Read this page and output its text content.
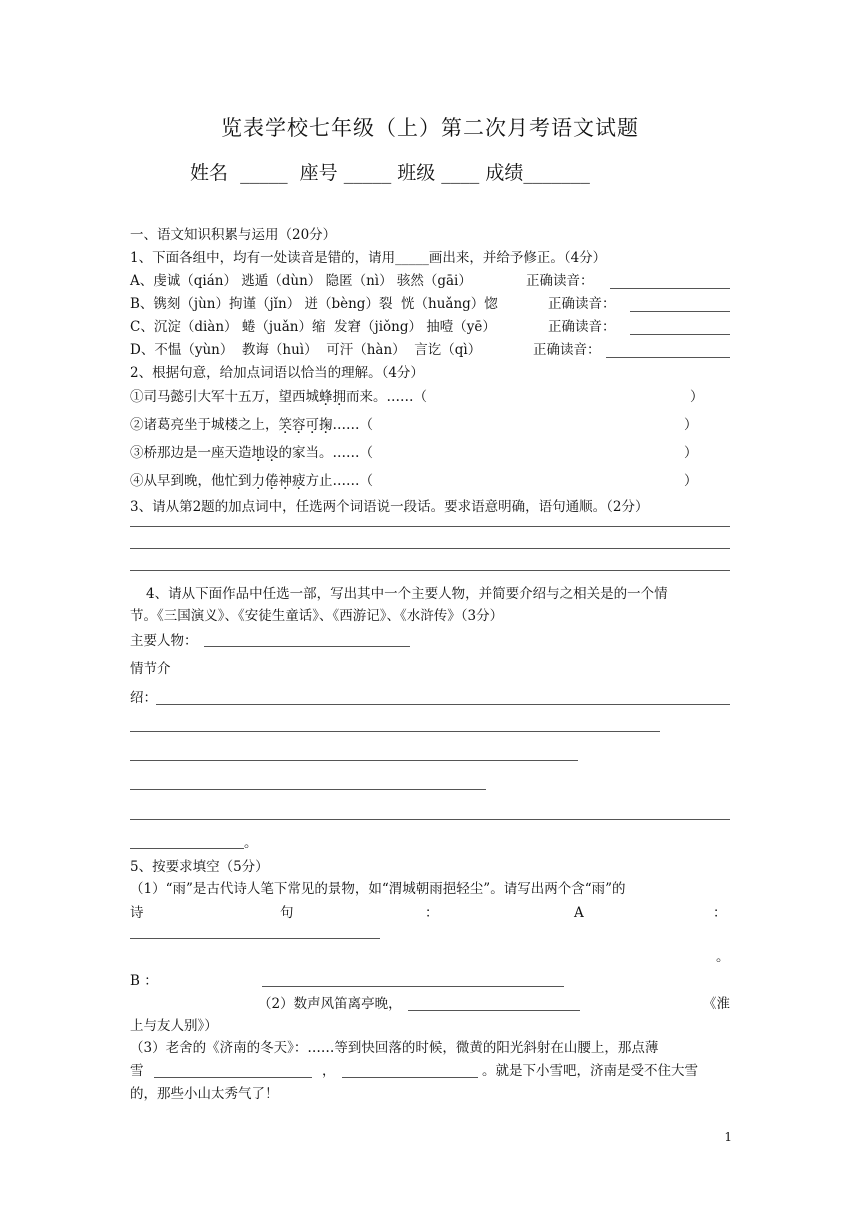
览表学校七年级（上）第二次月考语文试题
姓名  _____  座号 _____ 班级 ____ 成绩_______
一、语文知识积累与运用（20分）
1、下面各组中，均有一处读音是错的，请用_____画出来，并给予修正。（4分）
A、虔诚（qián） 逃遁（dùn） 隐匿（nì） 骇然（gāi）	正确读音：
B、镌刻（jùn）拘谨（jǐn） 迸（bèng）裂  恍（huǎng）惚	正确读音：
C、沉淀（diàn） 蜷（juǎn）缩  发窘（jiǒng） 抽噎（yē）	正确读音：
D、不愠（yùn）  教诲（huì）  可汗（hàn）  言讫（qì）	正确读音：
2、根据句意，给加点词语以恰当的理解。（4分）
①司马懿引大军十五万，望西城蜂拥而来。……（	）
②诸葛亮坐于城楼之上，笑容可掬……（	）
③桥那边是一座天造地设的家当。……（	）
④从早到晚，他忙到力倦神疲方止……（	）
3、请从第2题的加点词中，任选两个词语说一段话。要求语意明确，语句通顺。（2分）
4、请从下面作品中任选一部，写出其中一个主要人物，并简要介绍与之相关是的一个情
节。《三国演义》、《安徒生童话》、《西游记》、《水浒传》（3分）
主要人物：
情节介
绍：
。
5、按要求填空（5分）
（1）“雨”是古代诗人笔下常见的景物，如“渭城朝雨挹轻尘”。请写出两个含“雨”的
诗	句	：	A	：
。
B ：
（2）数声风笛离亭晚，	《淮
上与友人别》）
（3）老舍的《济南的冬天》：……等到快回落的时候，微黄的阳光斜射在山腰上，那点薄
雪	，	。就是下小雪吧，济南是受不住大雪
的，那些小山太秀气了！
1
